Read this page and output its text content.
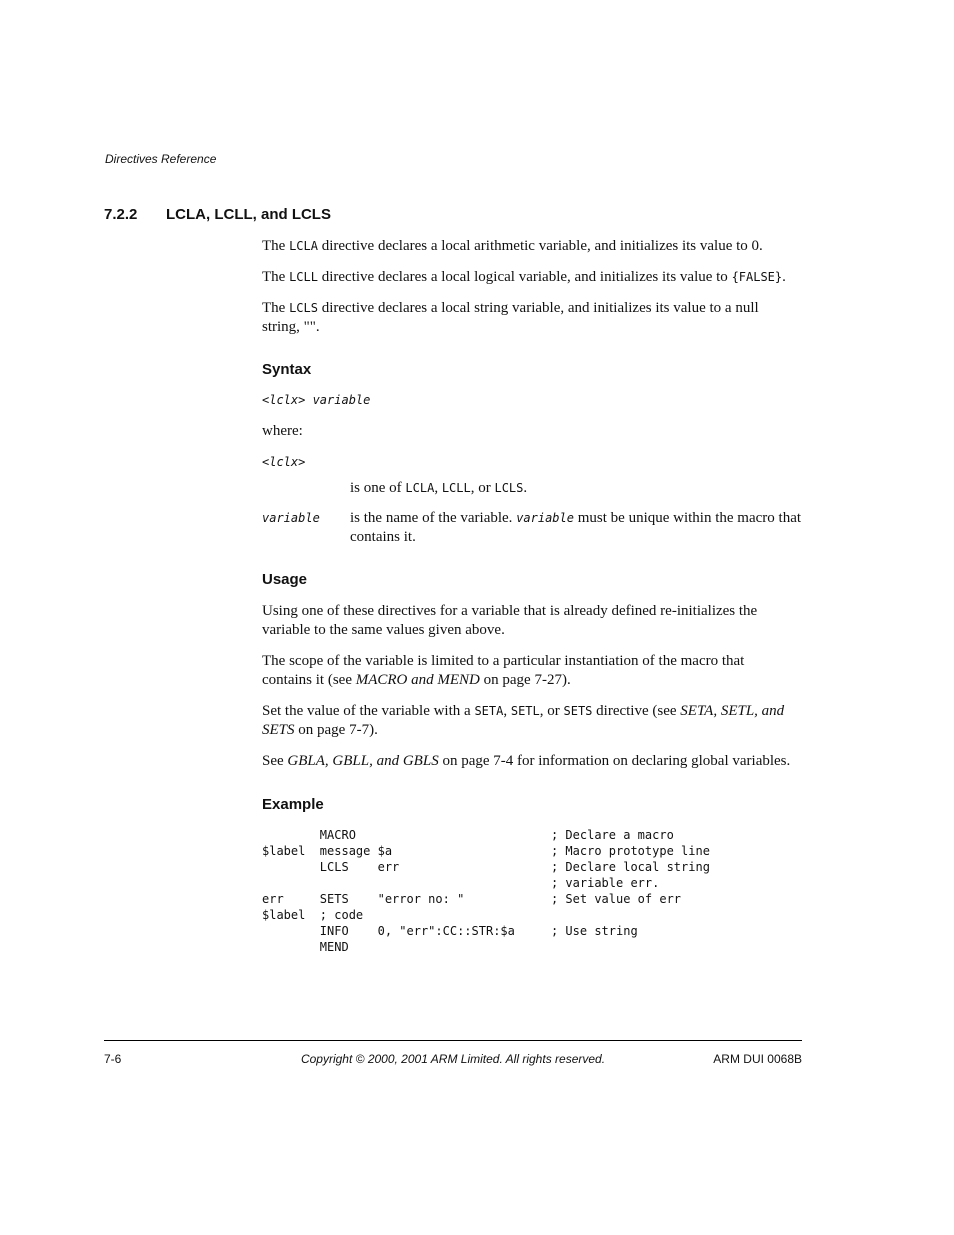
Directives Reference
7.2.2 LCLA, LCLL, and LCLS
The LCLA directive declares a local arithmetic variable, and initializes its value to 0.
The LCLL directive declares a local logical variable, and initializes its value to {FALSE}.
The LCLS directive declares a local string variable, and initializes its value to a null
string, "".
Syntax
<lclx> variable
where:
<lclx>
is one of LCLA, LCLL, or LCLS.
variable is the name of the variable. variable must be unique within the macro that
contains it.
Usage
Using one of these directives for a variable that is already defined re-initializes the
variable to the same values given above.
The scope of the variable is limited to a particular instantiation of the macro that
contains it (see MACRO and MEND on page 7-27).
Set the value of the variable with a SETA, SETL, or SETS directive (see SETA, SETL, and
SETS on page 7-7).
See GBLA, GBLL, and GBLS on page 7-4 for information on declaring global variables.
Example
MACRO                           ; Declare a macro
$label  message $a                      ; Macro prototype line
LCLS    err                     ; Declare local string
; variable err.
err     SETS    "error no: "            ; Set value of err
$label  ; code
INFO    0, "err":CC::STR:$a     ; Use string
MEND
7-6	Copyright © 2000, 2001 ARM Limited. All rights reserved.	ARM DUI 0068B
